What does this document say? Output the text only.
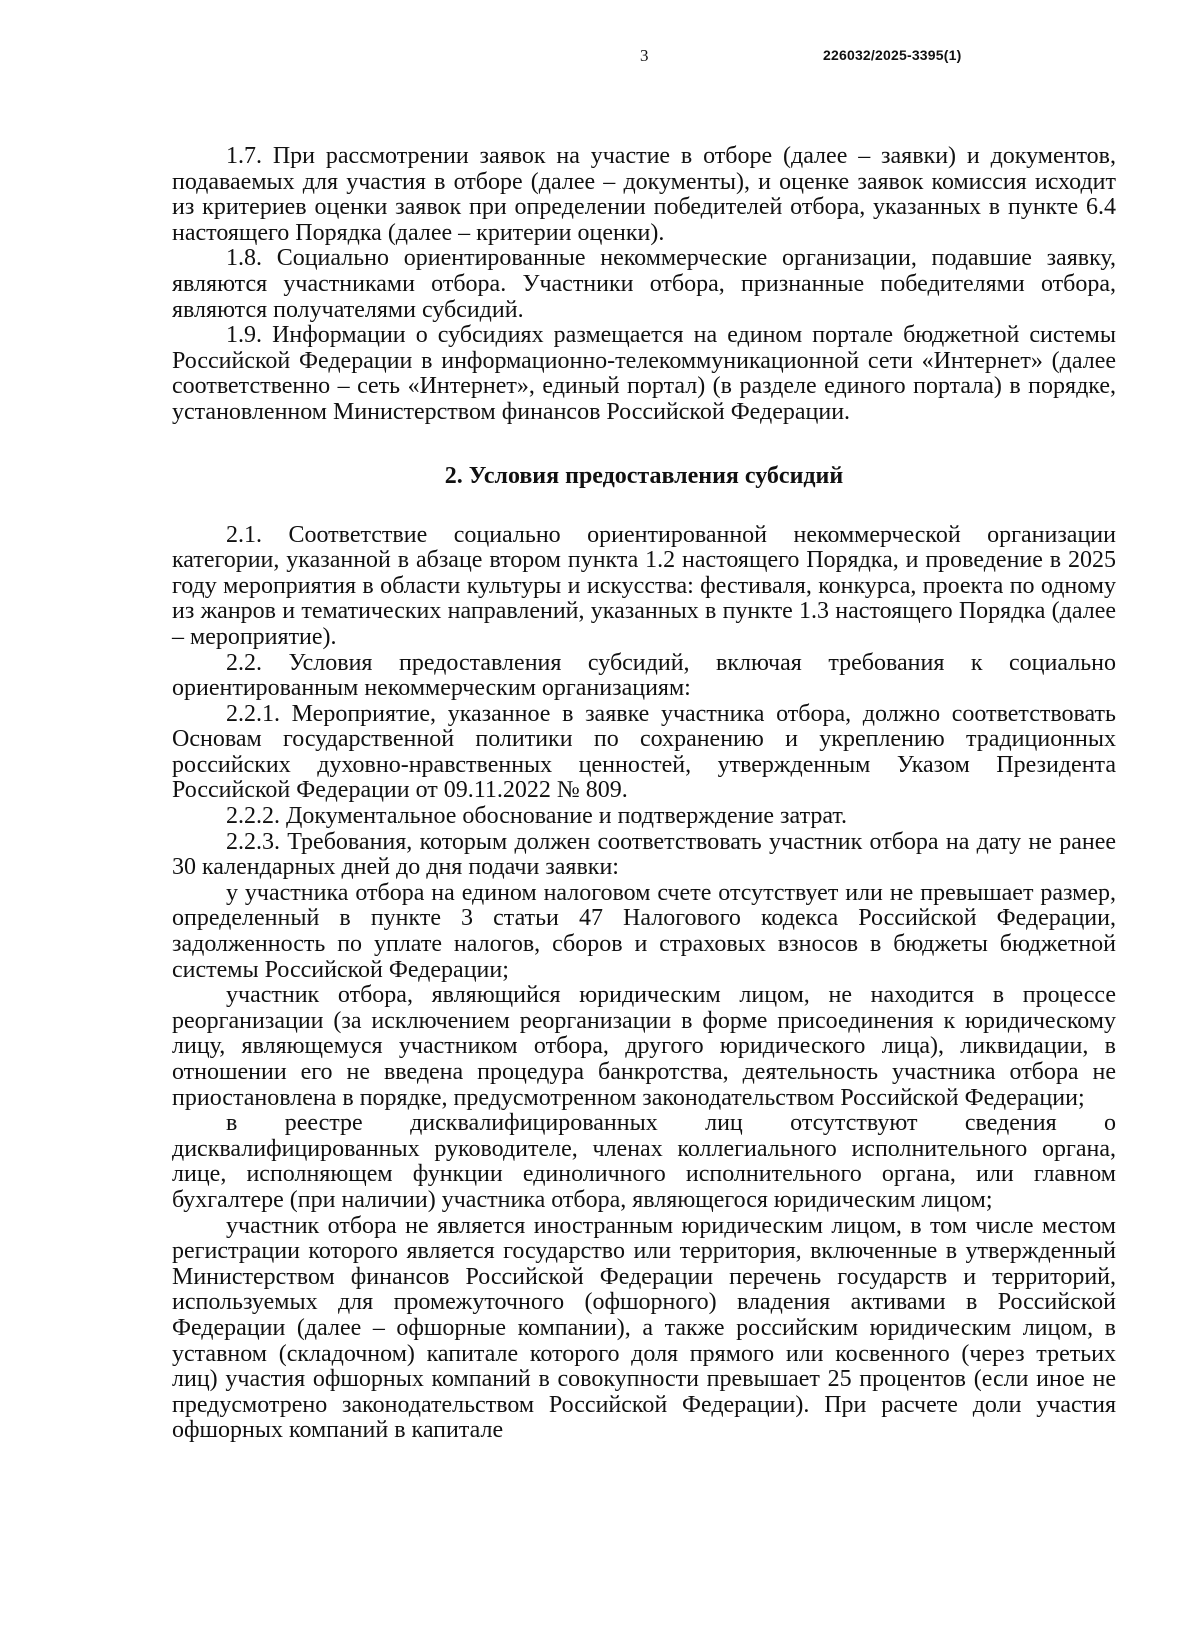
3	226032/2025-3395(1)

1.7. При рассмотрении заявок на участие в отборе (далее – заявки) и документов, подаваемых для участия в отборе (далее – документы), и оценке заявок комиссия исходит из критериев оценки заявок при определении победителей отбора, указанных в пункте 6.4 настоящего Порядка (далее – критерии оценки).

1.8. Социально ориентированные некоммерческие организации, подавшие заявку, являются участниками отбора. Участники отбора, признанные победителями отбора, являются получателями субсидий.

1.9. Информации о субсидиях размещается на едином портале бюджетной системы Российской Федерации в информационно-телекоммуникационной сети «Интернет» (далее соответственно – сеть «Интернет», единый портал) (в разделе единого портала) в порядке, установленном Министерством финансов Российской Федерации.

2. Условия предоставления субсидий

2.1. Соответствие социально ориентированной некоммерческой организации категории, указанной в абзаце втором пункта 1.2 настоящего Порядка, и проведение в 2025 году мероприятия в области культуры и искусства: фестиваля, конкурса, проекта по одному из жанров и тематических направлений, указанных в пункте 1.3 настоящего Порядка (далее – мероприятие).

2.2. Условия предоставления субсидий, включая требования к социально ориентированным некоммерческим организациям:

2.2.1. Мероприятие, указанное в заявке участника отбора, должно соответствовать Основам государственной политики по сохранению и укреплению традиционных российских духовно-нравственных ценностей, утвержденным Указом Президента Российской Федерации от 09.11.2022 № 809.

2.2.2. Документальное обоснование и подтверждение затрат.

2.2.3. Требования, которым должен соответствовать участник отбора на дату не ранее 30 календарных дней до дня подачи заявки:

у участника отбора на едином налоговом счете отсутствует или не превышает размер, определенный в пункте 3 статьи 47 Налогового кодекса Российской Федерации, задолженность по уплате налогов, сборов и страховых взносов в бюджеты бюджетной системы Российской Федерации;

участник отбора, являющийся юридическим лицом, не находится в процессе реорганизации (за исключением реорганизации в форме присоединения к юридическому лицу, являющемуся участником отбора, другого юридического лица), ликвидации, в отношении его не введена процедура банкротства, деятельность участника отбора не приостановлена в порядке, предусмотренном законодательством Российской Федерации;

в реестре дисквалифицированных лиц отсутствуют сведения о дисквалифицированных руководителе, членах коллегиального исполнительного органа, лице, исполняющем функции единоличного исполнительного органа, или главном бухгалтере (при наличии) участника отбора, являющегося юридическим лицом;

участник отбора не является иностранным юридическим лицом, в том числе местом регистрации которого является государство или территория, включенные в утвержденный Министерством финансов Российской Федерации перечень государств и территорий, используемых для промежуточного (офшорного) владения активами в Российской Федерации (далее – офшорные компании), а также российским юридическим лицом, в уставном (складочном) капитале которого доля прямого или косвенного (через третьих лиц) участия офшорных компаний в совокупности превышает 25 процентов (если иное не предусмотрено законодательством Российской Федерации). При расчете доли участия офшорных компаний в капитале
